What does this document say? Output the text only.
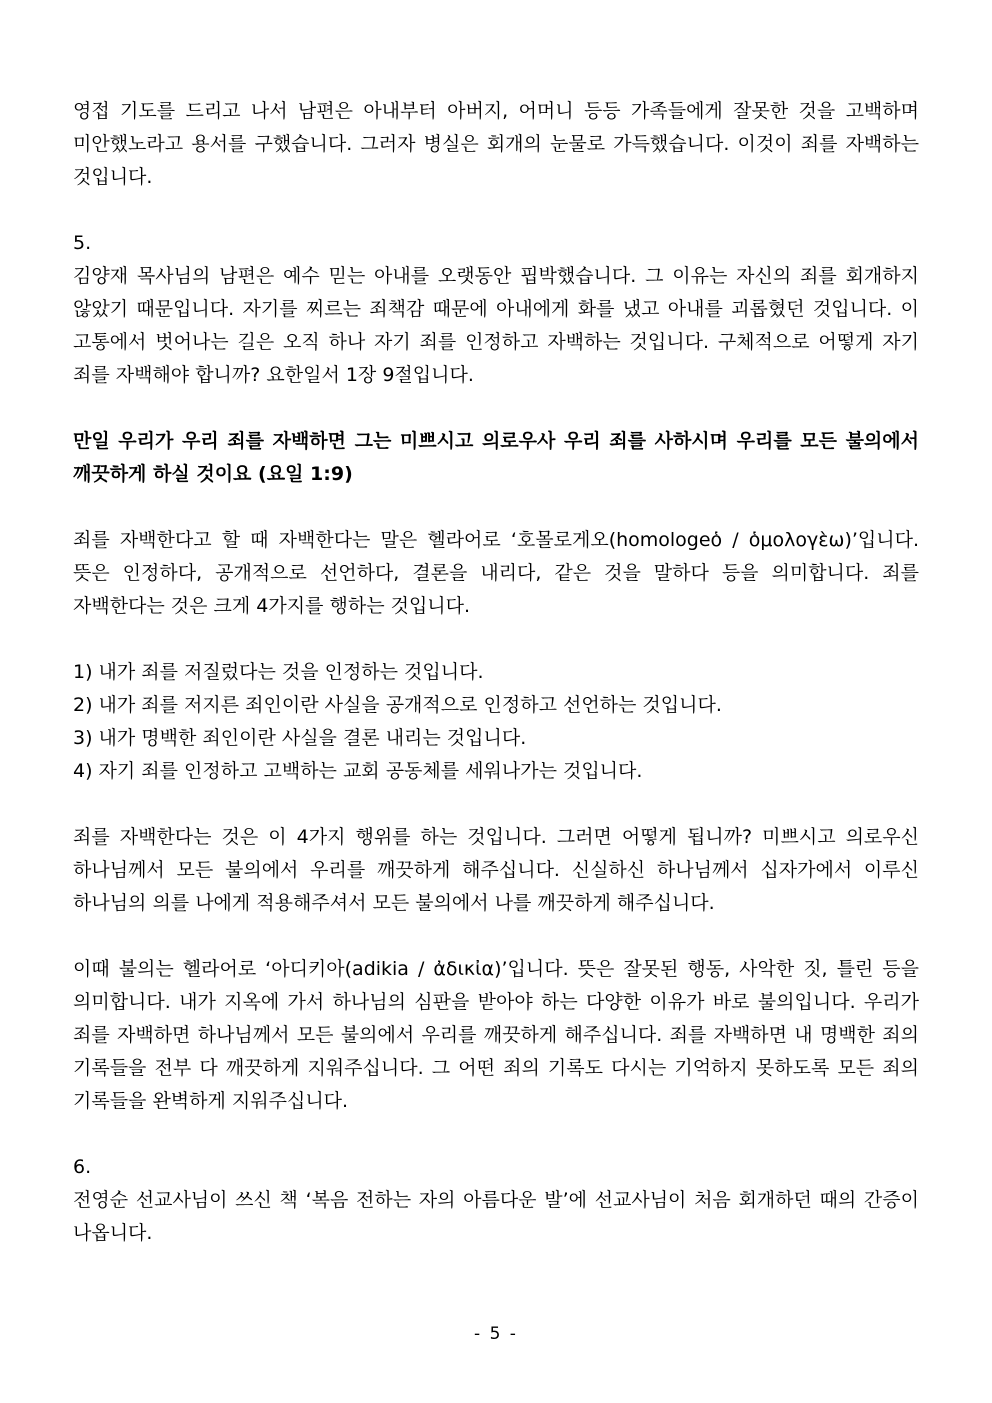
영접 기도를 드리고 나서 남편은 아내부터 아버지, 어머니 등등 가족들에게 잘못한 것을 고백하며 미안했노라고 용서를 구했습니다. 그러자 병실은 회개의 눈물로 가득했습니다. 이것이 죄를 자백하는 것입니다.

5.

김양재 목사님의 남편은 예수 믿는 아내를 오랫동안 핍박했습니다. 그 이유는 자신의 죄를 회개하지 않았기 때문입니다. 자기를 찌르는 죄책감 때문에 아내에게 화를 냈고 아내를 괴롭혔던 것입니다. 이 고통에서 벗어나는 길은 오직 하나 자기 죄를 인정하고 자백하는 것입니다. 구체적으로 어떻게 자기 죄를 자백해야 합니까? 요한일서 1장 9절입니다.

만일 우리가 우리 죄를 자백하면 그는 미쁘시고 의로우사 우리 죄를 사하시며 우리를 모든 불의에서 깨끗하게 하실 것이요 (요일 1:9)

죄를 자백한다고 할 때 자백한다는 말은 헬라어로 ‘호몰로게오(homologeὁ / ὁμολογὲω)’입니다. 뜻은 인정하다, 공개적으로 선언하다, 결론을 내리다, 같은 것을 말하다 등을 의미합니다. 죄를 자백한다는 것은 크게 4가지를 행하는 것입니다.

1) 내가 죄를 저질렀다는 것을 인정하는 것입니다.

2) 내가 죄를 저지른 죄인이란 사실을 공개적으로 인정하고 선언하는 것입니다.

3) 내가 명백한 죄인이란 사실을 결론 내리는 것입니다.

4) 자기 죄를 인정하고 고백하는 교회 공동체를 세워나가는 것입니다.

죄를 자백한다는 것은 이 4가지 행위를 하는 것입니다. 그러면 어떻게 됩니까? 미쁘시고 의로우신 하나님께서 모든 불의에서 우리를 깨끗하게 해주십니다. 신실하신 하나님께서 십자가에서 이루신 하나님의 의를 나에게 적용해주셔서 모든 불의에서 나를 깨끗하게 해주십니다.

이때 불의는 헬라어로 ‘아디키아(adikia / ἀδικἰα)’입니다. 뜻은 잘못된 행동, 사악한 짓, 틀린 등을 의미합니다. 내가 지옥에 가서 하나님의 심판을 받아야 하는 다양한 이유가 바로 불의입니다. 우리가 죄를 자백하면 하나님께서 모든 불의에서 우리를 깨끗하게 해주십니다. 죄를 자백하면 내 명백한 죄의 기록들을 전부 다 깨끗하게 지워주십니다. 그 어떤 죄의 기록도 다시는 기억하지 못하도록 모든 죄의 기록들을 완벽하게 지워주십니다.

6.

전영순 선교사님이 쓰신 책 ‘복음 전하는 자의 아름다운 발’에 선교사님이 처음 회개하던 때의 간증이 나옵니다.

- 5 -
